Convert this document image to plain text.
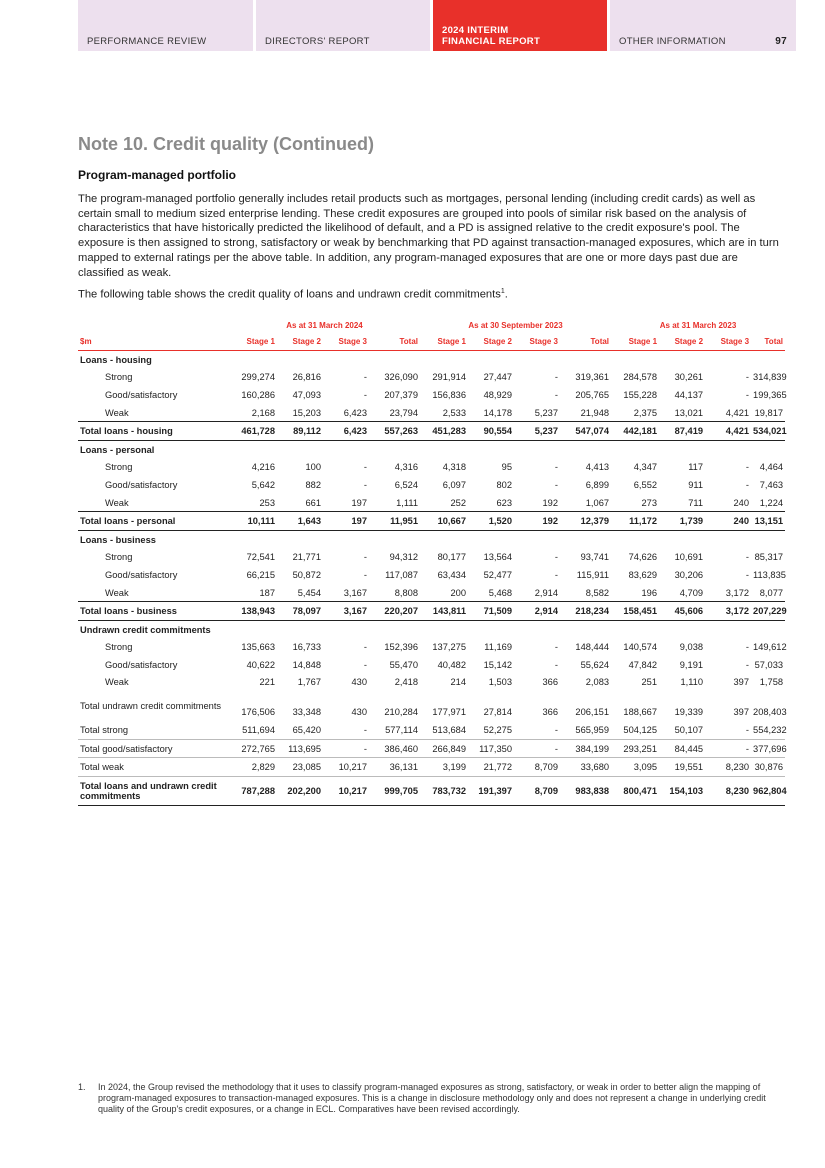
PERFORMANCE REVIEW	DIRECTORS' REPORT
2024 INTERIM
FINANCIAL REPORT	OTHER INFORMATION	97
Note 10. Credit quality (Continued)
Program-managed portfolio

The program-managed portfolio generally includes retail products such as mortgages, personal lending (including credit cards) as well as certain small to medium sized enterprise lending. These credit exposures are grouped into pools of similar risk based on the analysis of characteristics that have historically predicted the likelihood of default, and a PD is assigned relative to the credit exposure's pool. The exposure is then assigned to strong, satisfactory or weak by benchmarking that PD against transaction-managed exposures, which are in turn mapped to external ratings per the above table. In addition, any program-managed exposures that are one or more days past due are classified as weak.

The following table shows the credit quality of loans and undrawn credit commitments$^1$.

	As at 31 March 2024				As at 30 September 2023				As at 31 March 2023			
$m	Stage 1	Stage 2	Stage 3	Total	Stage 1	Stage 2	Stage 3	Total	Stage 1	Stage 2	Stage 3	Total
Loans - housing												
Strong	299,274	26,816	-	326,090	291,914	27,447	-	319,361	284,578	30,261	-	314,839
Good/satisfactory	160,286	47,093	-	207,379	156,836	48,929	-	205,765	155,228	44,137	-	199,365
Weak	2,168	15,203	6,423	23,794	2,533	14,178	5,237	21,948	2,375	13,021	4,421	19,817
Total loans - housing	461,728	89,112	6,423	557,263	451,283	90,554	5,237	547,074	442,181	87,419	4,421	534,021
Loans - personal												
Strong	4,216	100	-	4,316	4,318	95	-	4,413	4,347	117	-	4,464
Good/satisfactory	5,642	882	-	6,524	6,097	802	-	6,899	6,552	911	-	7,463
Weak	253	661	197	1,111	252	623	192	1,067	273	711	240	1,224
Total loans - personal	10,111	1,643	197	11,951	10,667	1,520	192	12,379	11,172	1,739	240	13,151
Loans - business												
Strong	72,541	21,771	-	94,312	80,177	13,564	-	93,741	74,626	10,691	-	85,317
Good/satisfactory	66,215	50,872	-	117,087	63,434	52,477	-	115,911	83,629	30,206	-	113,835
Weak	187	5,454	3,167	8,808	200	5,468	2,914	8,582	196	4,709	3,172	8,077
Total loans - business	138,943	78,097	3,167	220,207	143,811	71,509	2,914	218,234	158,451	45,606	3,172	207,229
Undrawn credit commitments												
Strong	135,663	16,733	-	152,396	137,275	11,169	-	148,444	140,574	9,038	-	149,612
Good/satisfactory	40,622	14,848	-	55,470	40,482	15,142	-	55,624	47,842	9,191	-	57,033
Weak	221	1,767	430	2,418	214	1,503	366	2,083	251	1,110	397	1,758
Total undrawn credit commitments	176,506	33,348	430	210,284	177,971	27,814	366	206,151	188,667	19,339	397	208,403
Total strong	511,694	65,420	-	577,114	513,684	52,275	-	565,959	504,125	50,107	-	554,232
Total good/satisfactory	272,765	113,695	-	386,460	266,849	117,350	-	384,199	293,251	84,445	-	377,696
Total weak	2,829	23,085	10,217	36,131	3,199	21,772	8,709	33,680	3,095	19,551	8,230	30,876
Total loans and undrawn credit commitments	787,288	202,200	10,217	999,705	783,732	191,397	8,709	983,838	800,471	154,103	8,230	962,804
1.	In 2024, the Group revised the methodology that it uses to classify program-managed exposures as strong, satisfactory, or weak in order to better align the mapping of program-managed exposures to transaction-managed exposures. This is a change in disclosure methodology only and does not represent a change in underlying credit quality of the Group's credit exposures, or a change in ECL. Comparatives have been revised accordingly.
